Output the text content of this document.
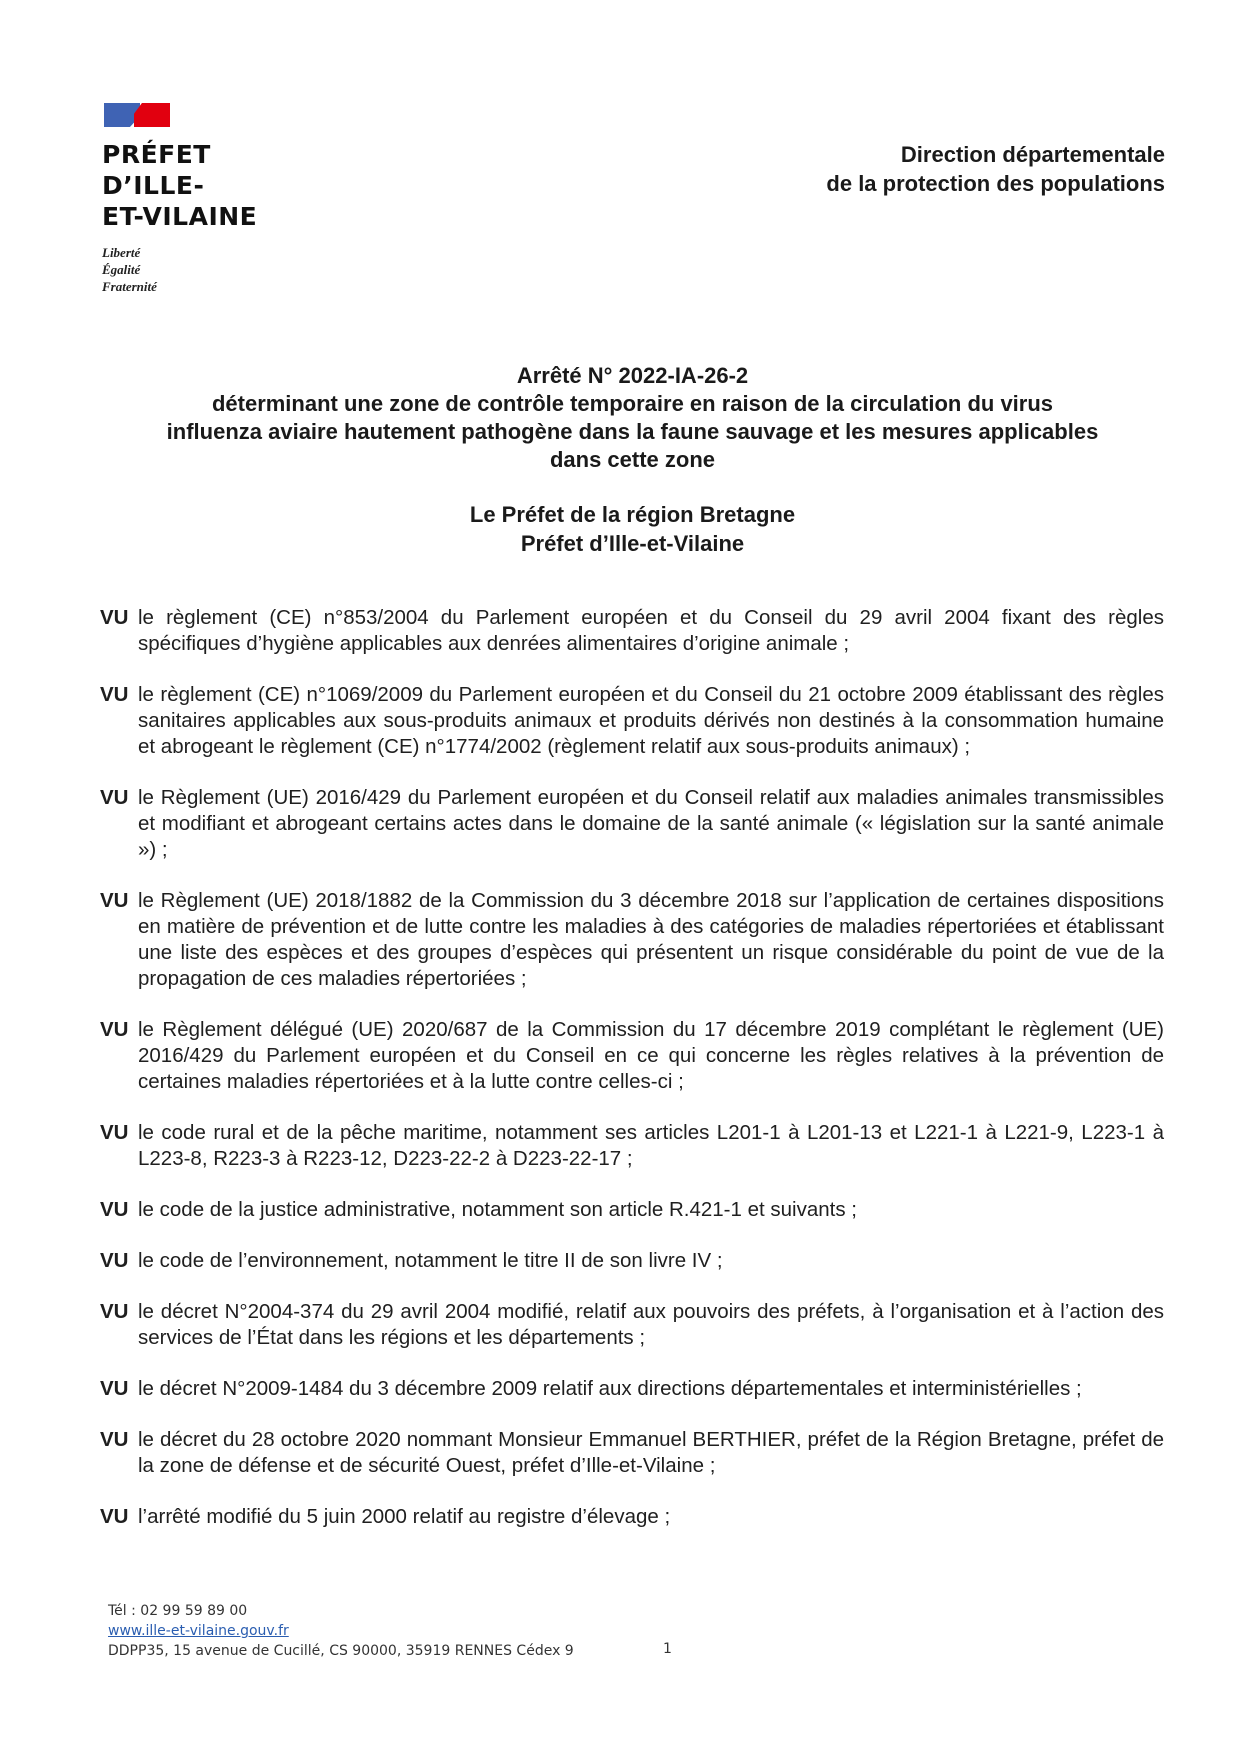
PRÉFET
D’ILLE-
ET-VILAINE
Liberté
Égalité
Fraternité
Direction départementale
de la protection des populations
Arrêté N° 2022-IA-26-2
déterminant une zone de contrôle temporaire en raison de la circulation du virus
influenza aviaire hautement pathogène dans la faune sauvage et les mesures applicables
dans cette zone
Le Préfet de la région Bretagne
Préfet d’Ille-et-Vilaine

VU le règlement (CE) n°853/2004 du Parlement européen et du Conseil du 29 avril 2004 fixant des règles spécifiques d’hygiène applicables aux denrées alimentaires d’origine animale ;

VU le règlement (CE) n°1069/2009 du Parlement européen et du Conseil du 21 octobre 2009 établissant des règles sanitaires applicables aux sous-produits animaux et produits dérivés non destinés à la consommation humaine et abrogeant le règlement (CE) n°1774/2002 (règlement relatif aux sous-produits animaux) ;

VU le Règlement (UE) 2016/429 du Parlement européen et du Conseil relatif aux maladies animales transmissibles et modifiant et abrogeant certains actes dans le domaine de la santé animale (« législation sur la santé animale ») ;

VU le Règlement (UE) 2018/1882 de la Commission du 3 décembre 2018 sur l’application de certaines dispositions en matière de prévention et de lutte contre les maladies à des catégories de maladies répertoriées et établissant une liste des espèces et des groupes d’espèces qui présentent un risque considérable du point de vue de la propagation de ces maladies répertoriées ;

VU le Règlement délégué (UE) 2020/687 de la Commission du 17 décembre 2019 complétant le règlement (UE) 2016/429 du Parlement européen et du Conseil en ce qui concerne les règles relatives à la prévention de certaines maladies répertoriées et à la lutte contre celles-ci ;

VU le code rural et de la pêche maritime, notamment ses articles L201-1 à L201-13 et L221-1 à L221-9, L223-1 à L223-8, R223-3 à R223-12, D223-22-2 à D223-22-17 ;

VU le code de la justice administrative, notamment son article R.421-1 et suivants ;

VU le code de l’environnement, notamment le titre II de son livre IV ;

VU le décret N°2004-374 du 29 avril 2004 modifié, relatif aux pouvoirs des préfets, à l’organisation et à l’action des services de l’État dans les régions et les départements ;

VU le décret N°2009-1484 du 3 décembre 2009 relatif aux directions départementales et interministérielles ;

VU le décret du 28 octobre 2020 nommant Monsieur Emmanuel BERTHIER, préfet de la Région Bretagne, préfet de la zone de défense et de sécurité Ouest, préfet d’Ille-et-Vilaine ;

VU l’arrêté modifié du 5 juin 2000 relatif au registre d’élevage ;

Tél : 02 99 59 89 00
www.ille-et-vilaine.gouv.fr
DDPP35, 15 avenue de Cucillé, CS 90000, 35919 RENNES Cédex 9	1
